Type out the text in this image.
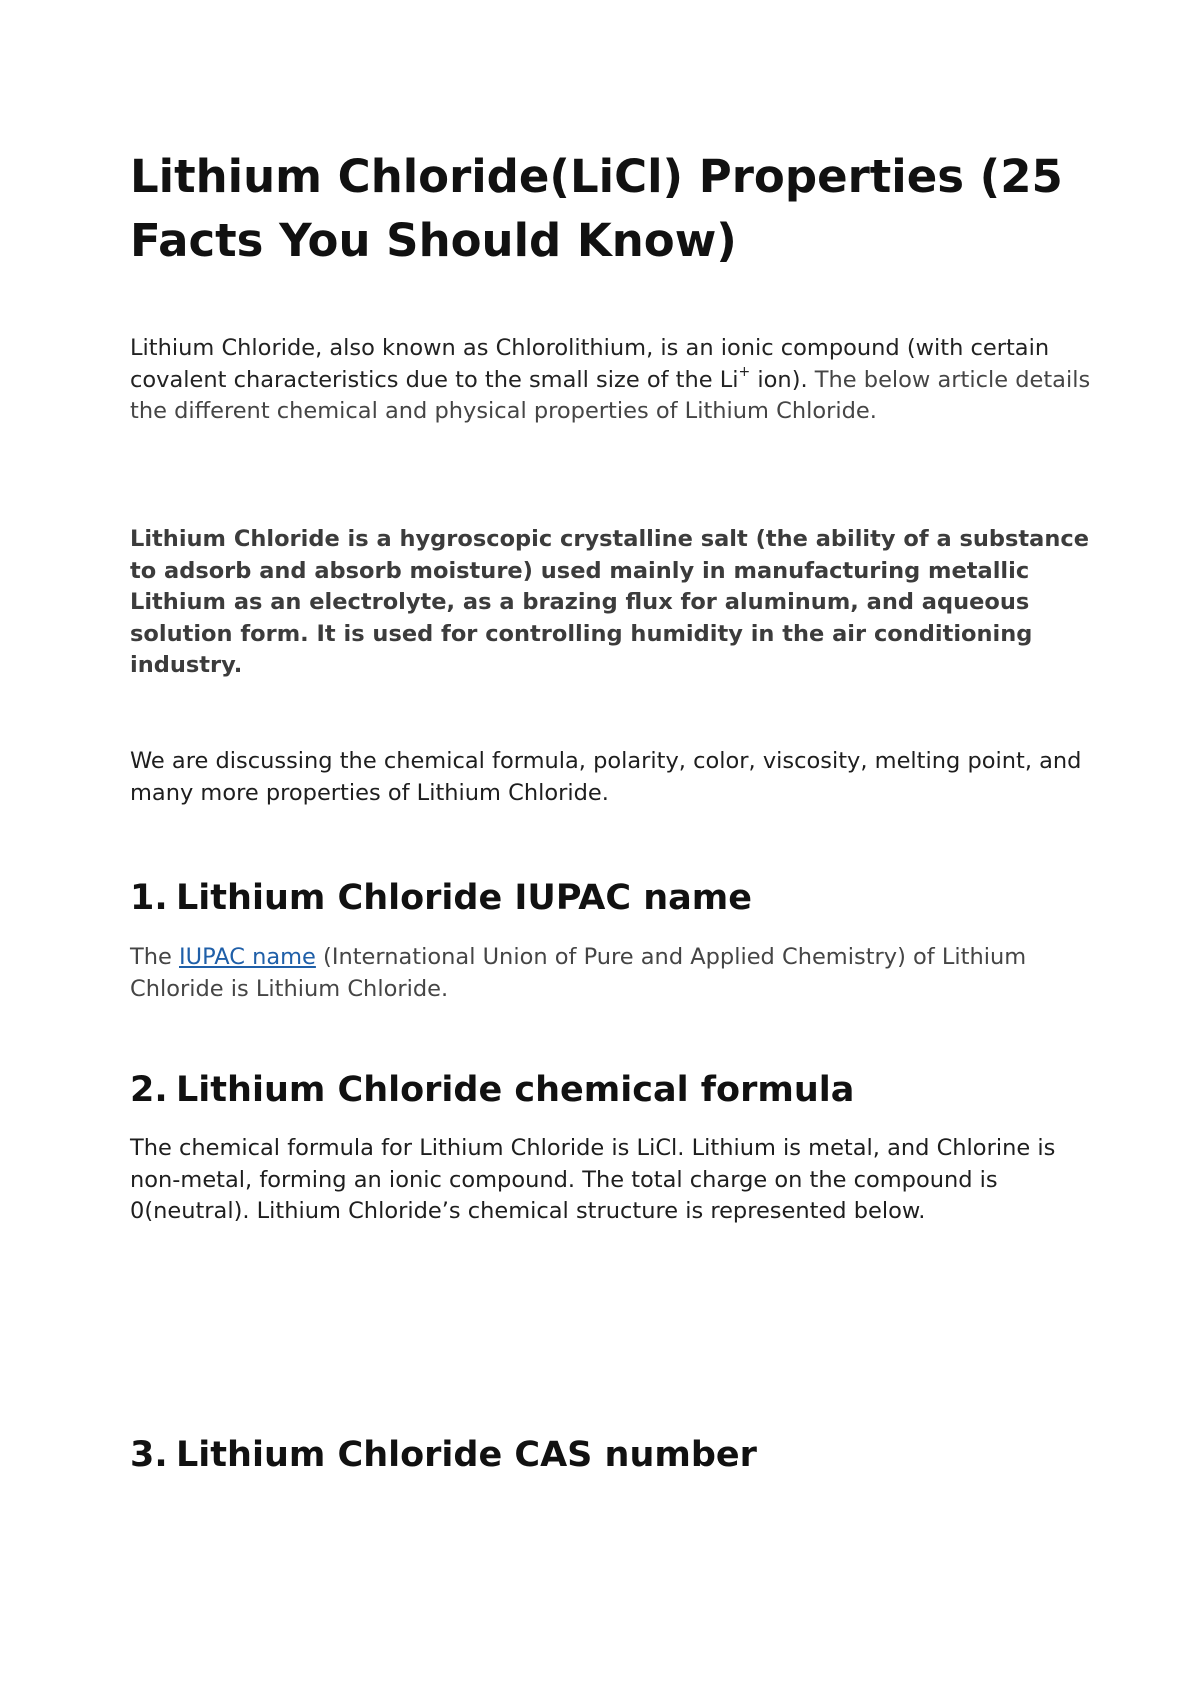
Lithium Chloride(LiCl) Properties (25 Facts You Should Know)

Lithium Chloride, also known as Chlorolithium, is an ionic compound (with certain covalent characteristics due to the small size of the Li+ ion). The below article details the different chemical and physical properties of Lithium Chloride.

Lithium Chloride is a hygroscopic crystalline salt (the ability of a substance to adsorb and absorb moisture) used mainly in manufacturing metallic Lithium as an electrolyte, as a brazing flux for aluminum, and aqueous solution form. It is used for controlling humidity in the air conditioning industry.

We are discussing the chemical formula, polarity, color, viscosity, melting point, and many more properties of Lithium Chloride.

1. Lithium Chloride IUPAC name

The IUPAC name (International Union of Pure and Applied Chemistry) of Lithium Chloride is Lithium Chloride.

2. Lithium Chloride chemical formula

The chemical formula for Lithium Chloride is LiCl. Lithium is metal, and Chlorine is non-metal, forming an ionic compound. The total charge on the compound is 0(neutral). Lithium Chloride’s chemical structure is represented below.

3. Lithium Chloride CAS number
